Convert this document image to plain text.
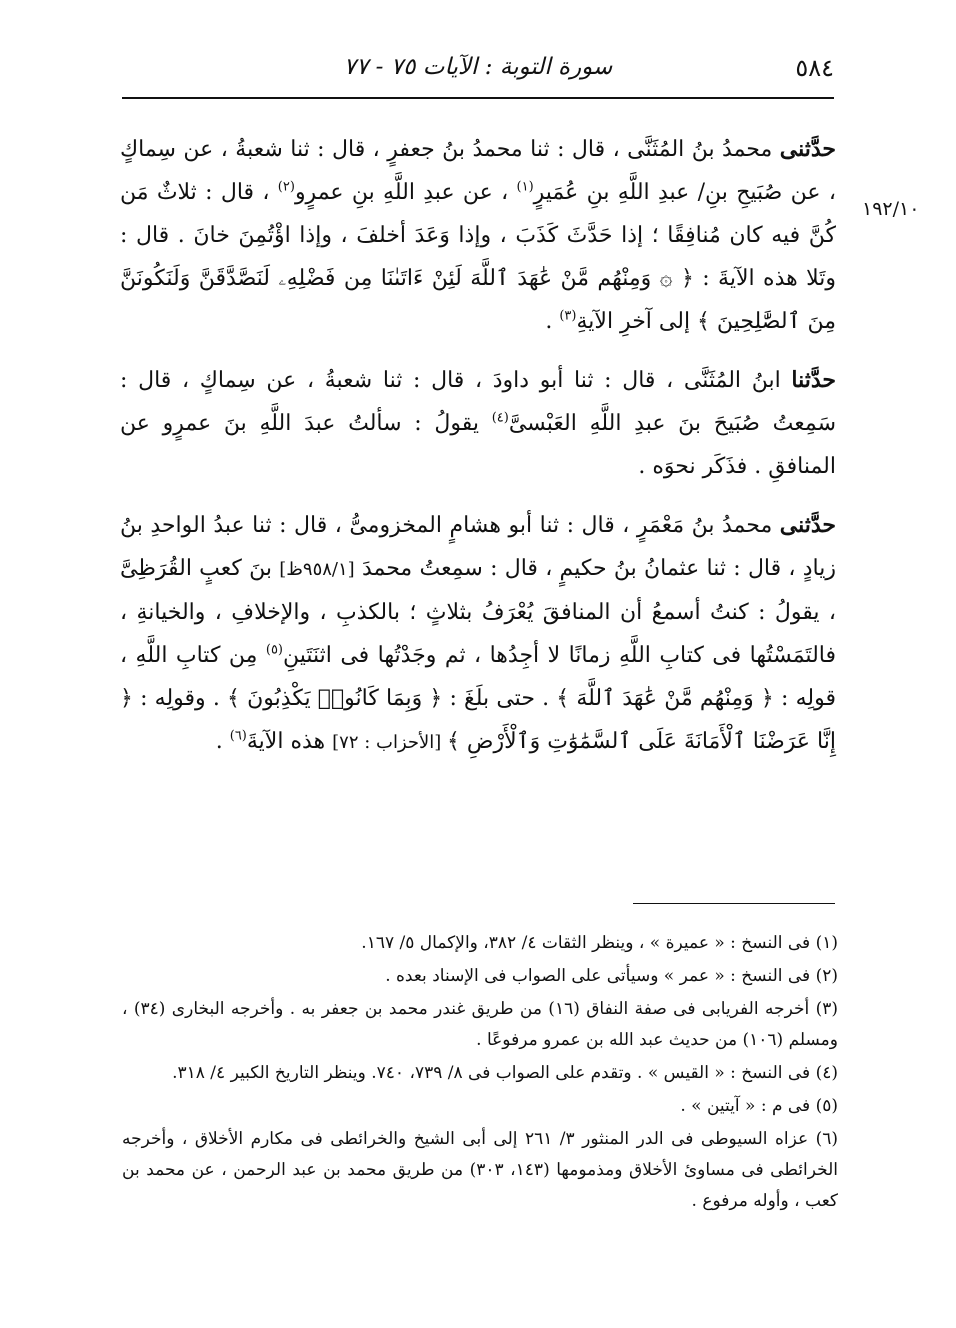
٥٨٤
سورة التوبة : الآيات ٧٥ - ٧٧
١٩٢/١٠

حدَّثنى محمدُ بنُ المُثَنَّى ، قال : ثنا محمدُ بنُ جعفرٍ ، قال : ثنا شعبةُ ، عن سِماكٍ ، عن صُبَيحِ بنِ/ عبدِ اللَّهِ بنِ عُمَيرٍ$^{(١)}$ ، عن عبدِ اللَّهِ بنِ عمرٍو$^{(٢)}$ ، قال : ثلاثٌ مَن كُنَّ فيه كان مُنافِقًا ؛ إذا حَدَّثَ كَذَبَ ، وإذا وَعَدَ أخلفَ ، وإذا اؤْتُمِنَ خانَ . قال : وتَلا هذه الآيةَ : ﴿ ۞ وَمِنْهُم مَّنْ عَٰهَدَ ٱللَّهَ لَئِنْ ءَاتَىٰنَا مِن فَضْلِهِۦ لَنَصَّدَّقَنَّ وَلَنَكُونَنَّ مِنَ ٱلصَّٰلِحِينَ ﴾ إلى آخرِ الآيةِ$^{(٣)}$ .

حدَّثنا ابنُ المُثَنَّى ، قال : ثنا أبو داودَ ، قال : ثنا شعبةُ ، عن سِماكٍ ، قال : سَمِعتُ صُبَيحَ بنَ عبدِ اللَّهِ العَبْسىَّ$^{(٤)}$ يقولُ : سألتُ عبدَ اللَّهِ بنَ عمرٍو عن المنافقِ . فذَكَر نحوَه .

حدَّثنى محمدُ بنُ مَعْمَرٍ ، قال : ثنا أبو هشامٍ المخزومىُّ ، قال : ثنا عبدُ الواحدِ بنُ زيادٍ ، قال : ثنا عثمانُ بنُ حكيمٍ ، قال : سمِعتُ محمدَ [٩٥٨/١ظ] بنَ كعبٍ القُرَظِىَّ ، يقولُ : كنتُ أسمعُ أن المنافقَ يُعْرَفُ بثلاثٍ ؛ بالكذبِ ، والإخلافِ ، والخيانةِ ، فالتَمَسْتُها فى كتابِ اللَّهِ زمانًا لا أجِدُها ، ثم وجَدْتُها فى اثنَتَينِ$^{(٥)}$ مِن كتابِ اللَّهِ ، قولِه : ﴿ وَمِنْهُم مَّنْ عَٰهَدَ ٱللَّهَ ﴾ . حتى بلَغَ : ﴿ وَبِمَا كَانُوا۟ يَكْذِبُونَ ﴾ . وقولِه : ﴿ إِنَّا عَرَضْنَا ٱلْأَمَانَةَ عَلَى ٱلسَّمَٰوَٰتِ وَٱلْأَرْضِ ﴾ [الأحزاب : ٧٢] هذه الآيةَ$^{(٦)}$ .

(١) فى النسخ : « عميرة » ، وينظر الثقات ٤/ ٣٨٢، والإكمال ٥/ ١٦٧.
(٢) فى النسخ : « عمر » وسيأتى على الصواب فى الإسناد بعده .
(٣) أخرجه الفريابى فى صفة النفاق (١٦) من طريق غندر محمد بن جعفر به . وأخرجه البخارى (٣٤) ، ومسلم (١٠٦) من حديث عبد الله بن عمرو مرفوعًا .
(٤) فى النسخ : « القيس » . وتقدم على الصواب فى ٨/ ٧٣٩، ٧٤٠. وينظر التاريخ الكبير ٤/ ٣١٨.
(٥) فى م : « آيتين » .
(٦) عزاه السيوطى فى الدر المنثور ٣/ ٢٦١ إلى أبى الشيخ والخرائطى فى مكارم الأخلاق ، وأخرجه الخرائطى فى مساوئ الأخلاق ومذمومها (١٤٣، ٣٠٣) من طريق محمد بن عبد الرحمن ، عن محمد بن كعب ، وأوله مرفوع .
